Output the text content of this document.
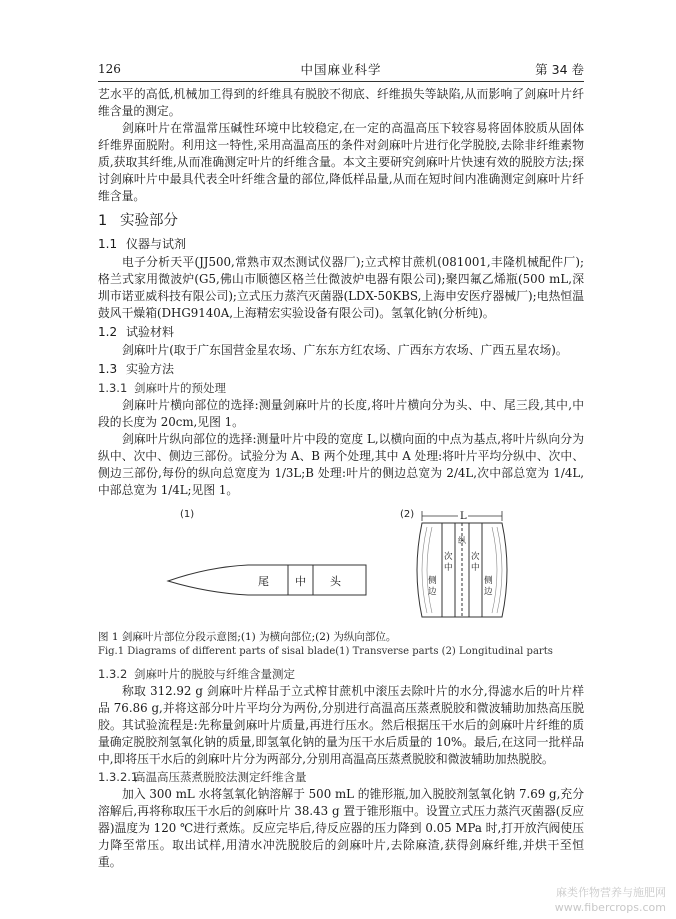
126	中国麻业科学	第 34 卷

艺水平的高低,机械加工得到的纤维具有脱胶不彻底、纤维损失等缺陷,从而影响了剑麻叶片纤维含量的测定。

剑麻叶片在常温常压碱性环境中比较稳定,在一定的高温高压下较容易将固体胶质从固体纤维界面脱附。利用这一特性,采用高温高压的条件对剑麻叶片进行化学脱胶,去除非纤维素物质,获取其纤维,从而准确测定叶片的纤维含量。本文主要研究剑麻叶片快速有效的脱胶方法;探讨剑麻叶片中最具代表全叶纤维含量的部位,降低样品量,从而在短时间内准确测定剑麻叶片纤维含量。

1 实验部分
1.1 仪器与试剂

电子分析天平(JJ500,常熟市双杰测试仪器厂);立式榨甘蔗机(081001,丰隆机械配件厂);格兰式家用微波炉(G5,佛山市顺德区格兰仕微波炉电器有限公司);聚四氟乙烯瓶(500 mL,深圳市诺亚威科技有限公司);立式压力蒸汽灭菌器(LDX-50KBS,上海申安医疗器械厂);电热恒温鼓风干燥箱(DHG9140A,上海精宏实验设备有限公司)。氢氧化钠(分析纯)。

1.2 试验材料

剑麻叶片(取于广东国营金星农场、广东东方红农场、广西东方农场、广西五星农场)。

1.3 实验方法
1.3.1 剑麻叶片的预处理

剑麻叶片横向部位的选择:测量剑麻叶片的长度,将叶片横向分为头、中、尾三段,其中,中段的长度为 20cm,见图 1。

剑麻叶片纵向部位的选择:测量叶片中段的宽度 L,以横向面的中点为基点,将叶片纵向分为纵中、次中、侧边三部份。试验分为 A、B 两个处理,其中 A 处理:将叶片平均分纵中、次中、侧边三部份,每份的纵向总宽度为 1/3L;B 处理:叶片的侧边总宽为 2/4L,次中部总宽为 1/4L,中部总宽为 1/4L;见图 1。

(1)	(2)
尾 中 头
L
纵
次中
侧边
次中
侧边
图 1 剑麻叶片部位分段示意图;(1) 为横向部位;(2) 为纵向部位。
Fig.1 Diagrams of different parts of sisal blade(1) Transverse parts (2) Longitudinal parts
1.3.2 剑麻叶片的脱胶与纤维含量测定

称取 312.92 g 剑麻叶片样品于立式榨甘蔗机中滚压去除叶片的水分,得滤水后的叶片样品 76.86 g,并将这部分叶片平均分为两份,分别进行高温高压蒸煮脱胶和微波辅助加热高压脱胶。其试验流程是:先称量剑麻叶片质量,再进行压水。然后根据压干水后的剑麻叶片纤维的质量确定脱胶剂氢氧化钠的质量,即氢氧化钠的量为压干水后质量的 10%。最后,在这同一批样品中,即将压干水后的剑麻叶片分为两部分,分别用高温高压蒸煮脱胶和微波辅助加热脱胶。

1.3.2.1高温高压蒸煮脱胶法测定纤维含量

加入 300 mL 水将氢氧化钠溶解于 500 mL 的锥形瓶,加入脱胶剂氢氧化钠 7.69 g,充分溶解后,再将称取压干水后的剑麻叶片 38.43 g 置于锥形瓶中。设置立式压力蒸汽灭菌器(反应器)温度为 120 ℃进行煮炼。反应完毕后,待反应器的压力降到 0.05 MPa 时,打开放汽阀使压力降至常压。取出试样,用清水冲洗脱胶后的剑麻叶片,去除麻渣,获得剑麻纤维,并烘干至恒重。

麻类作物营养与施肥网
www.fibercrops.com
